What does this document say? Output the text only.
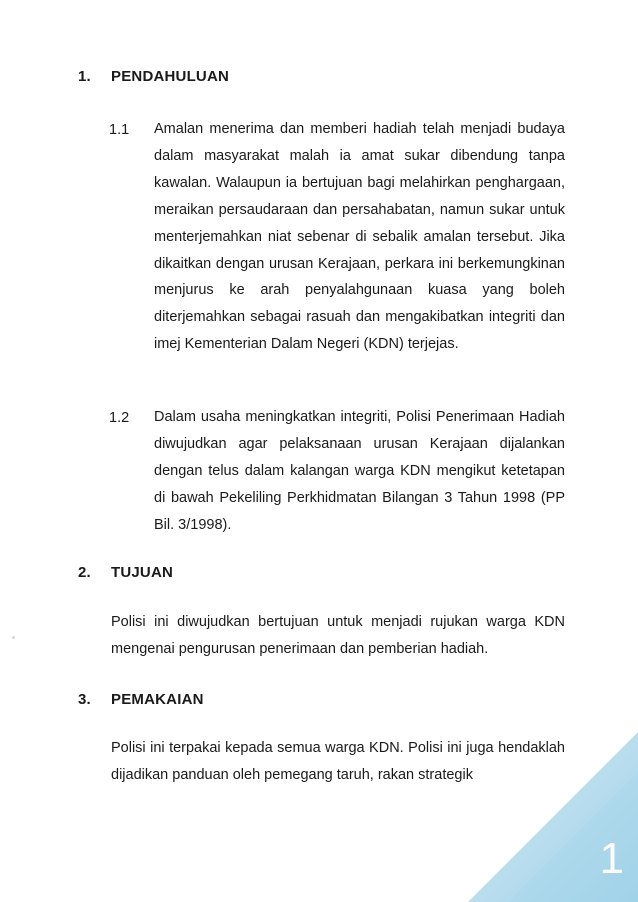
1. PENDAHULUAN
1.1 Amalan menerima dan memberi hadiah telah menjadi budaya dalam masyarakat malah ia amat sukar dibendung tanpa kawalan. Walaupun ia bertujuan bagi melahirkan penghargaan, meraikan persaudaraan dan persahabatan, namun sukar untuk menterjemahkan niat sebenar di sebalik amalan tersebut. Jika dikaitkan dengan urusan Kerajaan, perkara ini berkemungkinan menjurus ke arah penyalahgunaan kuasa yang boleh diterjemahkan sebagai rasuah dan mengakibatkan integriti dan imej Kementerian Dalam Negeri (KDN) terjejas.
1.2 Dalam usaha meningkatkan integriti, Polisi Penerimaan Hadiah diwujudkan agar pelaksanaan urusan Kerajaan dijalankan dengan telus dalam kalangan warga KDN mengikut ketetapan di bawah Pekeliling Perkhidmatan Bilangan 3 Tahun 1998 (PP Bil. 3/1998).
2. TUJUAN
Polisi ini diwujudkan bertujuan untuk menjadi rujukan warga KDN mengenai pengurusan penerimaan dan pemberian hadiah.
3. PEMAKAIAN
Polisi ini terpakai kepada semua warga KDN. Polisi ini juga hendaklah dijadikan panduan oleh pemegang taruh, rakan strategik
1
